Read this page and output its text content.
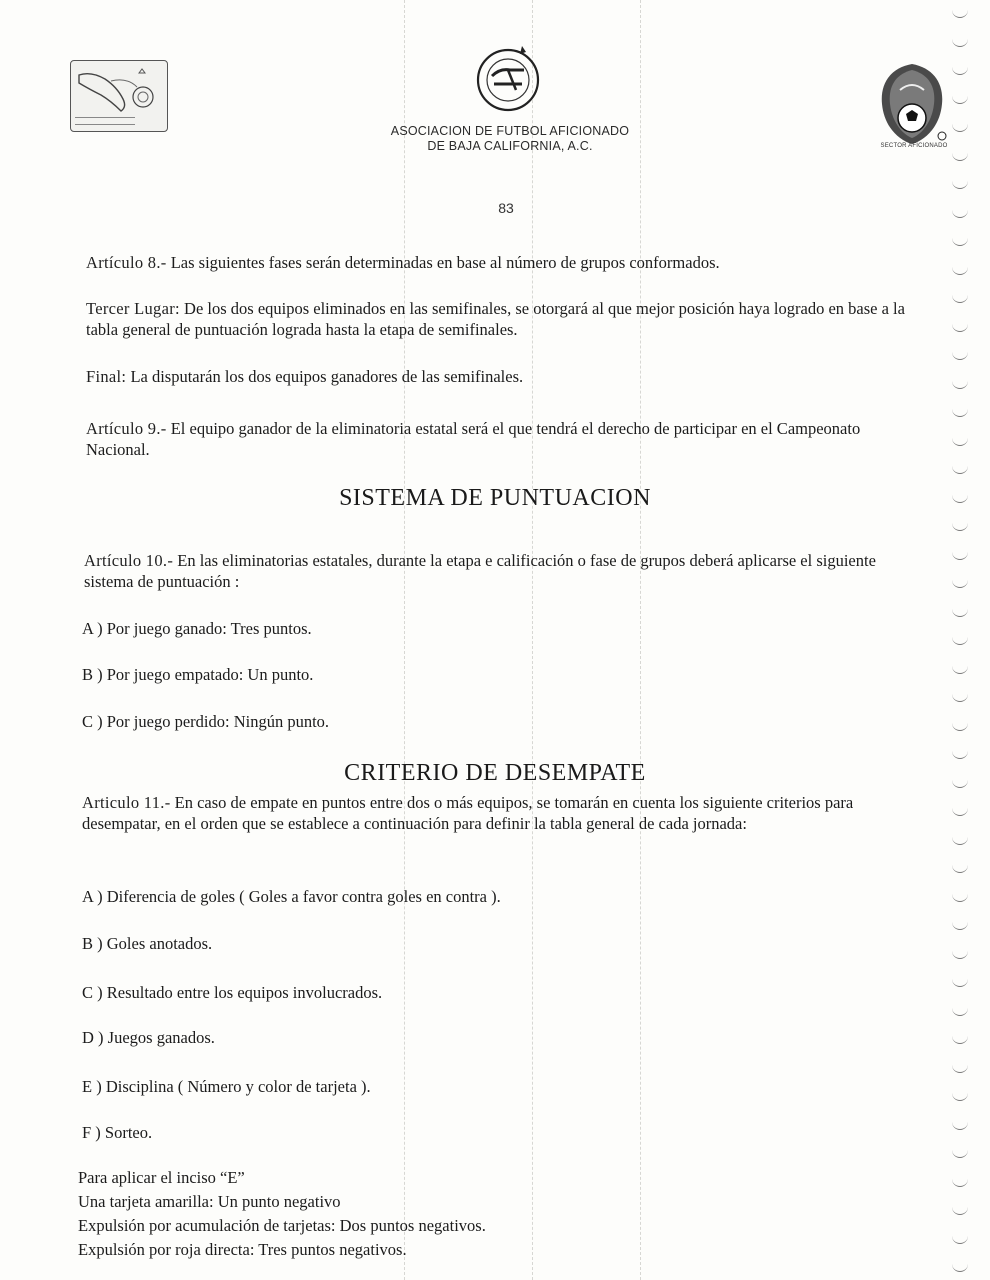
ASOCIACION DE FUTBOL AFICIONADO
DE BAJA CALIFORNIA, A.C.	SECTOR AFICIONADO
83

Artículo 8.- Las siguientes fases serán determinadas en base al número de grupos conformados.

Tercer Lugar: De los dos equipos eliminados en las semifinales, se otorgará al que mejor posición haya logrado en base a la tabla general de puntuación lograda hasta la etapa de semifinales.

Final: La disputarán los dos equipos ganadores de las semifinales.

Artículo 9.- El equipo ganador de la eliminatoria estatal será el que tendrá el derecho de participar en el Campeonato Nacional.

SISTEMA DE PUNTUACION

Artículo 10.- En las eliminatorias estatales, durante la etapa e calificación o fase de grupos deberá aplicarse el siguiente sistema de puntuación :

A ) Por juego ganado: Tres puntos.
B ) Por juego empatado: Un punto.
C ) Por juego perdido: Ningún punto.
CRITERIO DE DESEMPATE

Articulo 11.- En caso de empate en puntos entre dos o más equipos, se tomarán en cuenta los siguiente criterios para desempatar, en el orden que se establece a continuación para definir la tabla general de cada jornada:

A ) Diferencia de goles ( Goles a favor contra goles en contra ).
B ) Goles anotados.
C ) Resultado entre los equipos involucrados.
D ) Juegos ganados.
E ) Disciplina ( Número y color de tarjeta ).
F ) Sorteo.
Para aplicar el inciso “E”
Una tarjeta amarilla: Un punto negativo
Expulsión por acumulación de tarjetas: Dos puntos negativos.
Expulsión por roja directa: Tres puntos negativos.
